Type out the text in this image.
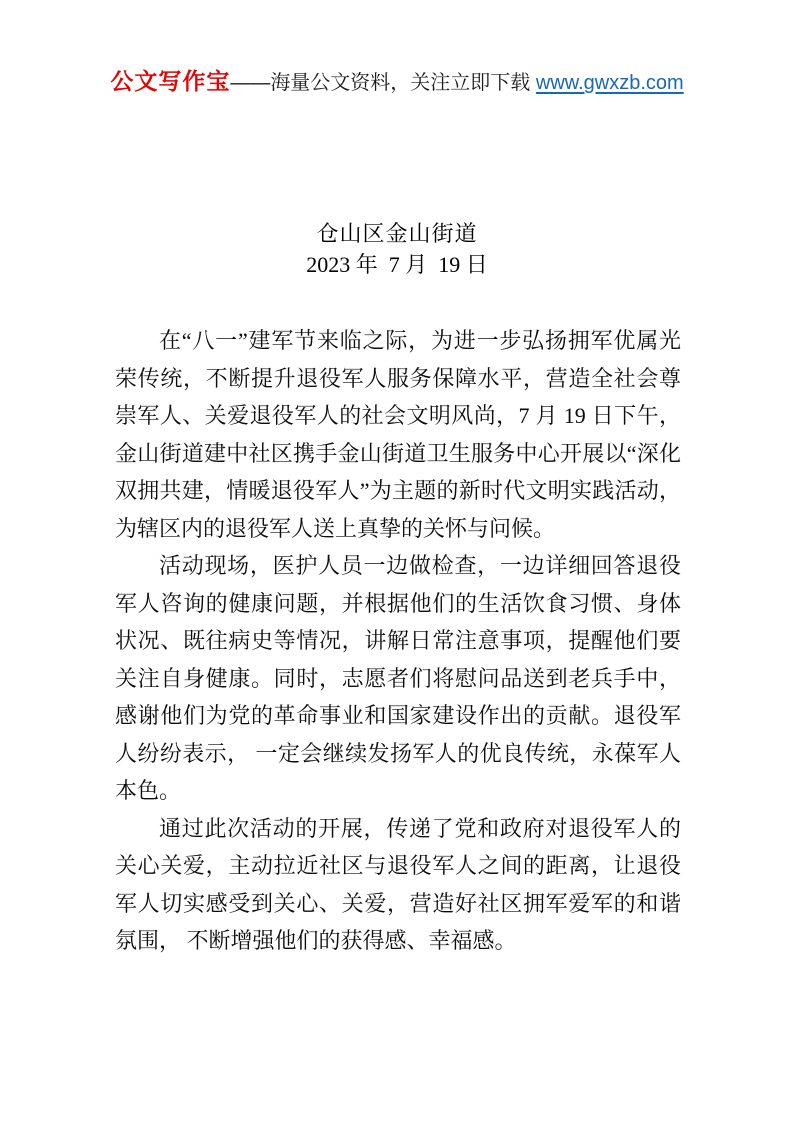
公文写作宝 ——海量公文资料，关注立即下载 www.gwxzb.com
仓山区金山街道
2023 年  7 月  19 日

在“八一”建军节来临之际，为进一步弘扬拥军优属光荣传统，不断提升退役军人服务保障水平，营造全社会尊崇军人、关爱退役军人的社会文明风尚，7 月 19 日下午，金山街道建中社区携手金山街道卫生服务中心开展以“深化双拥共建，情暖退役军人”为主题的新时代文明实践活动，为辖区内的退役军人送上真挚的关怀与问候。

活动现场，医护人员一边做检查，一边详细回答退役军人咨询的健康问题，并根据他们的生活饮食习惯、身体状况、既往病史等情况，讲解日常注意事项，提醒他们要关注自身健康。同时，志愿者们将慰问品送到老兵手中，感谢他们为党的革命事业和国家建设作出的贡献。退役军人纷纷表示， 一定会继续发扬军人的优良传统，永葆军人本色。

通过此次活动的开展，传递了党和政府对退役军人的关心关爱，主动拉近社区与退役军人之间的距离，让退役军人切实感受到关心、关爱，营造好社区拥军爱军的和谐氛围， 不断增强他们的获得感、幸福感。
